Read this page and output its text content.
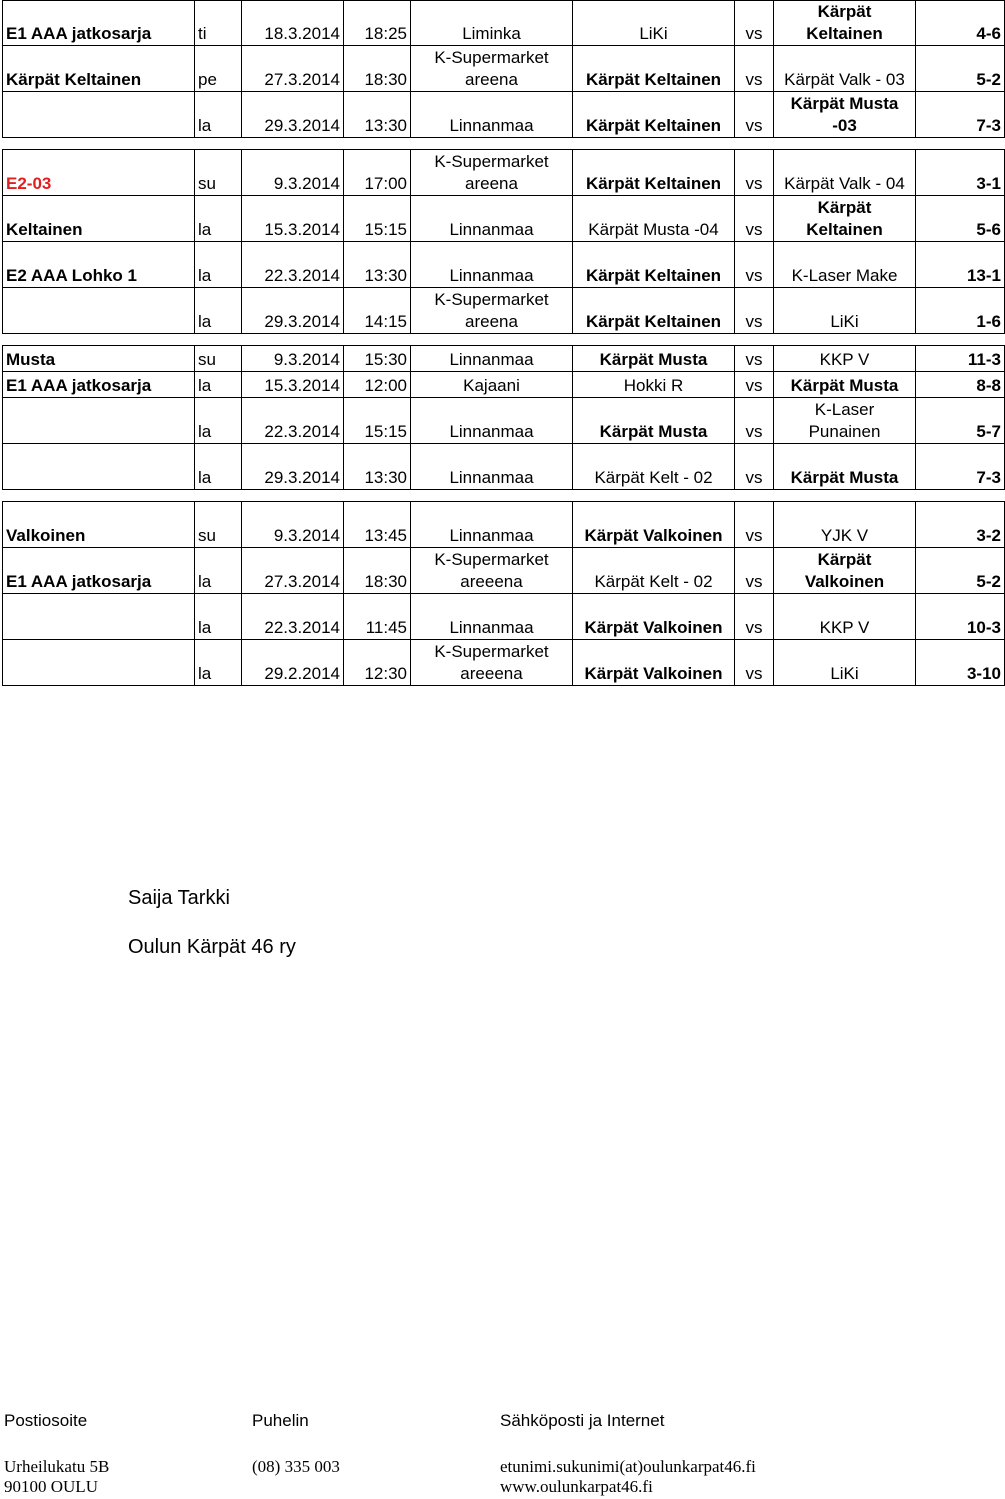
E1 AAA jatkosarja	ti	18.3.2014	18:25	Liminka	LiKi	vs	Kärpät Keltainen	4-6
Kärpät Keltainen	pe	27.3.2014	18:30	K-Supermarket areena	Kärpät Keltainen	vs	Kärpät Valk - 03	5-2
	la	29.3.2014	13:30	Linnanmaa	Kärpät Keltainen	vs	Kärpät Musta -03	7-3

E2-03	su	9.3.2014	17:00	K-Supermarket areena	Kärpät Keltainen	vs	Kärpät Valk - 04	3-1
Keltainen	la	15.3.2014	15:15	Linnanmaa	Kärpät Musta -04	vs	Kärpät Keltainen	5-6
E2 AAA Lohko 1	la	22.3.2014	13:30	Linnanmaa	Kärpät Keltainen	vs	K-Laser Make	13-1
	la	29.3.2014	14:15	K-Supermarket areena	Kärpät Keltainen	vs	LiKi	1-6

Musta	su	9.3.2014	15:30	Linnanmaa	Kärpät Musta	vs	KKP V	11-3
E1 AAA jatkosarja	la	15.3.2014	12:00	Kajaani	Hokki R	vs	Kärpät Musta	8-8
	la	22.3.2014	15:15	Linnanmaa	Kärpät Musta	vs	K-Laser Punainen	5-7
	la	29.3.2014	13:30	Linnanmaa	Kärpät Kelt - 02	vs	Kärpät Musta	7-3

Valkoinen	su	9.3.2014	13:45	Linnanmaa	Kärpät Valkoinen	vs	YJK V	3-2
E1 AAA jatkosarja	la	27.3.2014	18:30	K-Supermarket areeena	Kärpät Kelt - 02	vs	Kärpät Valkoinen	5-2
	la	22.3.2014	11:45	Linnanmaa	Kärpät Valkoinen	vs	KKP V	10-3
	la	29.2.2014	12:30	K-Supermarket areeena	Kärpät Valkoinen	vs	LiKi	3-10
Saija Tarkki
Oulun Kärpät 46 ry
Postiosoite	Puhelin	Sähköposti ja Internet
Urheilukatu 5B
90100 OULU
(08) 335 003	etunimi.sukunimi(at)oulunkarpat46.fi
www.oulunkarpat46.fi
